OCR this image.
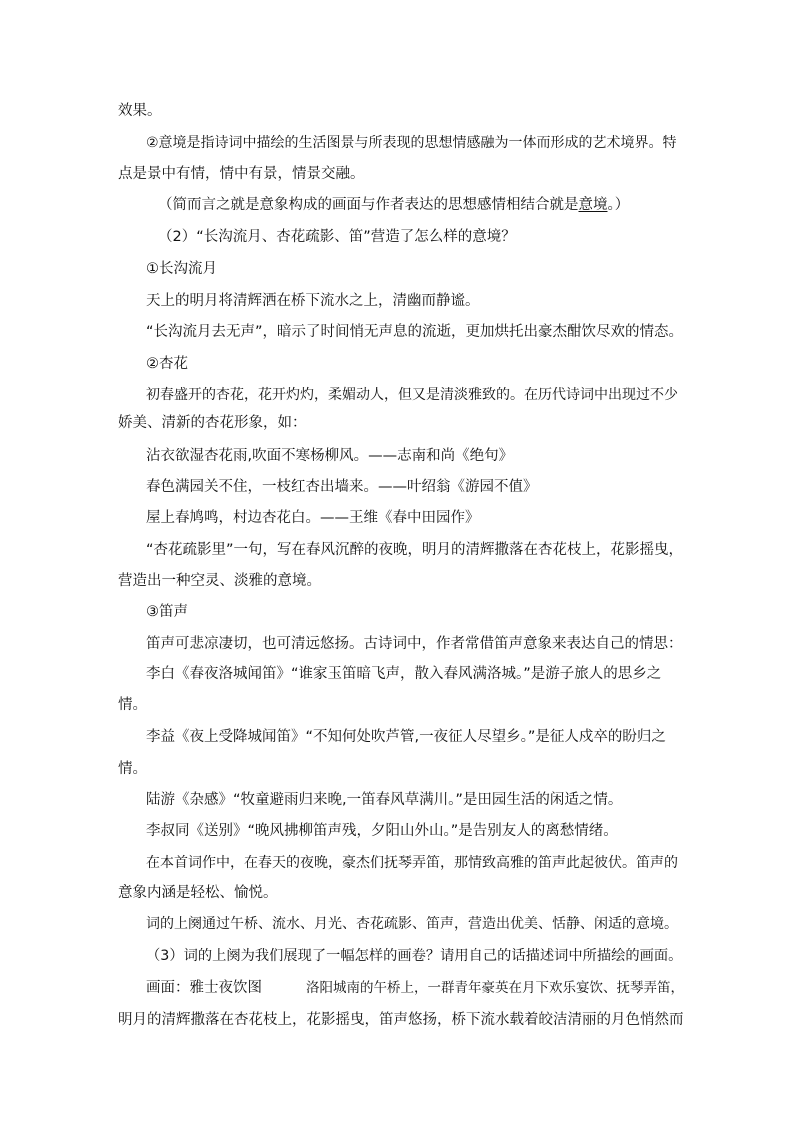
效果。
②意境是指诗词中描绘的生活图景与所表现的思想情感融为一体而形成的艺术境界。特
点是景中有情，情中有景，情景交融。
（简而言之就是意象构成的画面与作者表达的思想感情相结合就是意境。）
（2）“长沟流月、杏花疏影、笛”营造了怎么样的意境？
①长沟流月
天上的明月将清辉洒在桥下流水之上，清幽而静谧。
“长沟流月去无声”，暗示了时间悄无声息的流逝，更加烘托出豪杰酣饮尽欢的情态。
②杏花
初春盛开的杏花，花开灼灼，柔媚动人，但又是清淡雅致的。在历代诗词中出现过不少
娇美、清新的杏花形象，如：
沾衣欲湿杏花雨,吹面不寒杨柳风。——志南和尚《绝句》
春色满园关不住，一枝红杏出墙来。——叶绍翁《游园不值》
屋上春鸠鸣，村边杏花白。——王维《春中田园作》
“杏花疏影里”一句，写在春风沉醉的夜晚，明月的清辉撒落在杏花枝上，花影摇曳，
营造出一种空灵、淡雅的意境。
③笛声
笛声可悲凉凄切，也可清远悠扬。古诗词中，作者常借笛声意象来表达自己的情思：
李白《春夜洛城闻笛》“谁家玉笛暗飞声，散入春风满洛城。”是游子旅人的思乡之
情。
李益《夜上受降城闻笛》“不知何处吹芦管,一夜征人尽望乡。”是征人戍卒的盼归之
情。
陆游《杂感》“牧童避雨归来晚,一笛春风草满川。”是田园生活的闲适之情。
李叔同《送别》“晚风拂柳笛声残，夕阳山外山。”是告别友人的离愁情绪。
在本首词作中，在春天的夜晚，豪杰们抚琴弄笛，那情致高雅的笛声此起彼伏。笛声的
意象内涵是轻松、愉悦。
词的上阕通过午桥、流水、月光、杏花疏影、笛声，营造出优美、恬静、闲适的意境。
（3）词的上阕为我们展现了一幅怎样的画卷？请用自己的话描述词中所描绘的画面。
画面：雅士夜饮图	洛阳城南的午桥上，一群青年豪英在月下欢乐宴饮、抚琴弄笛，
明月的清辉撒落在杏花枝上，花影摇曳，笛声悠扬，桥下流水载着皎洁清丽的月色悄然而
